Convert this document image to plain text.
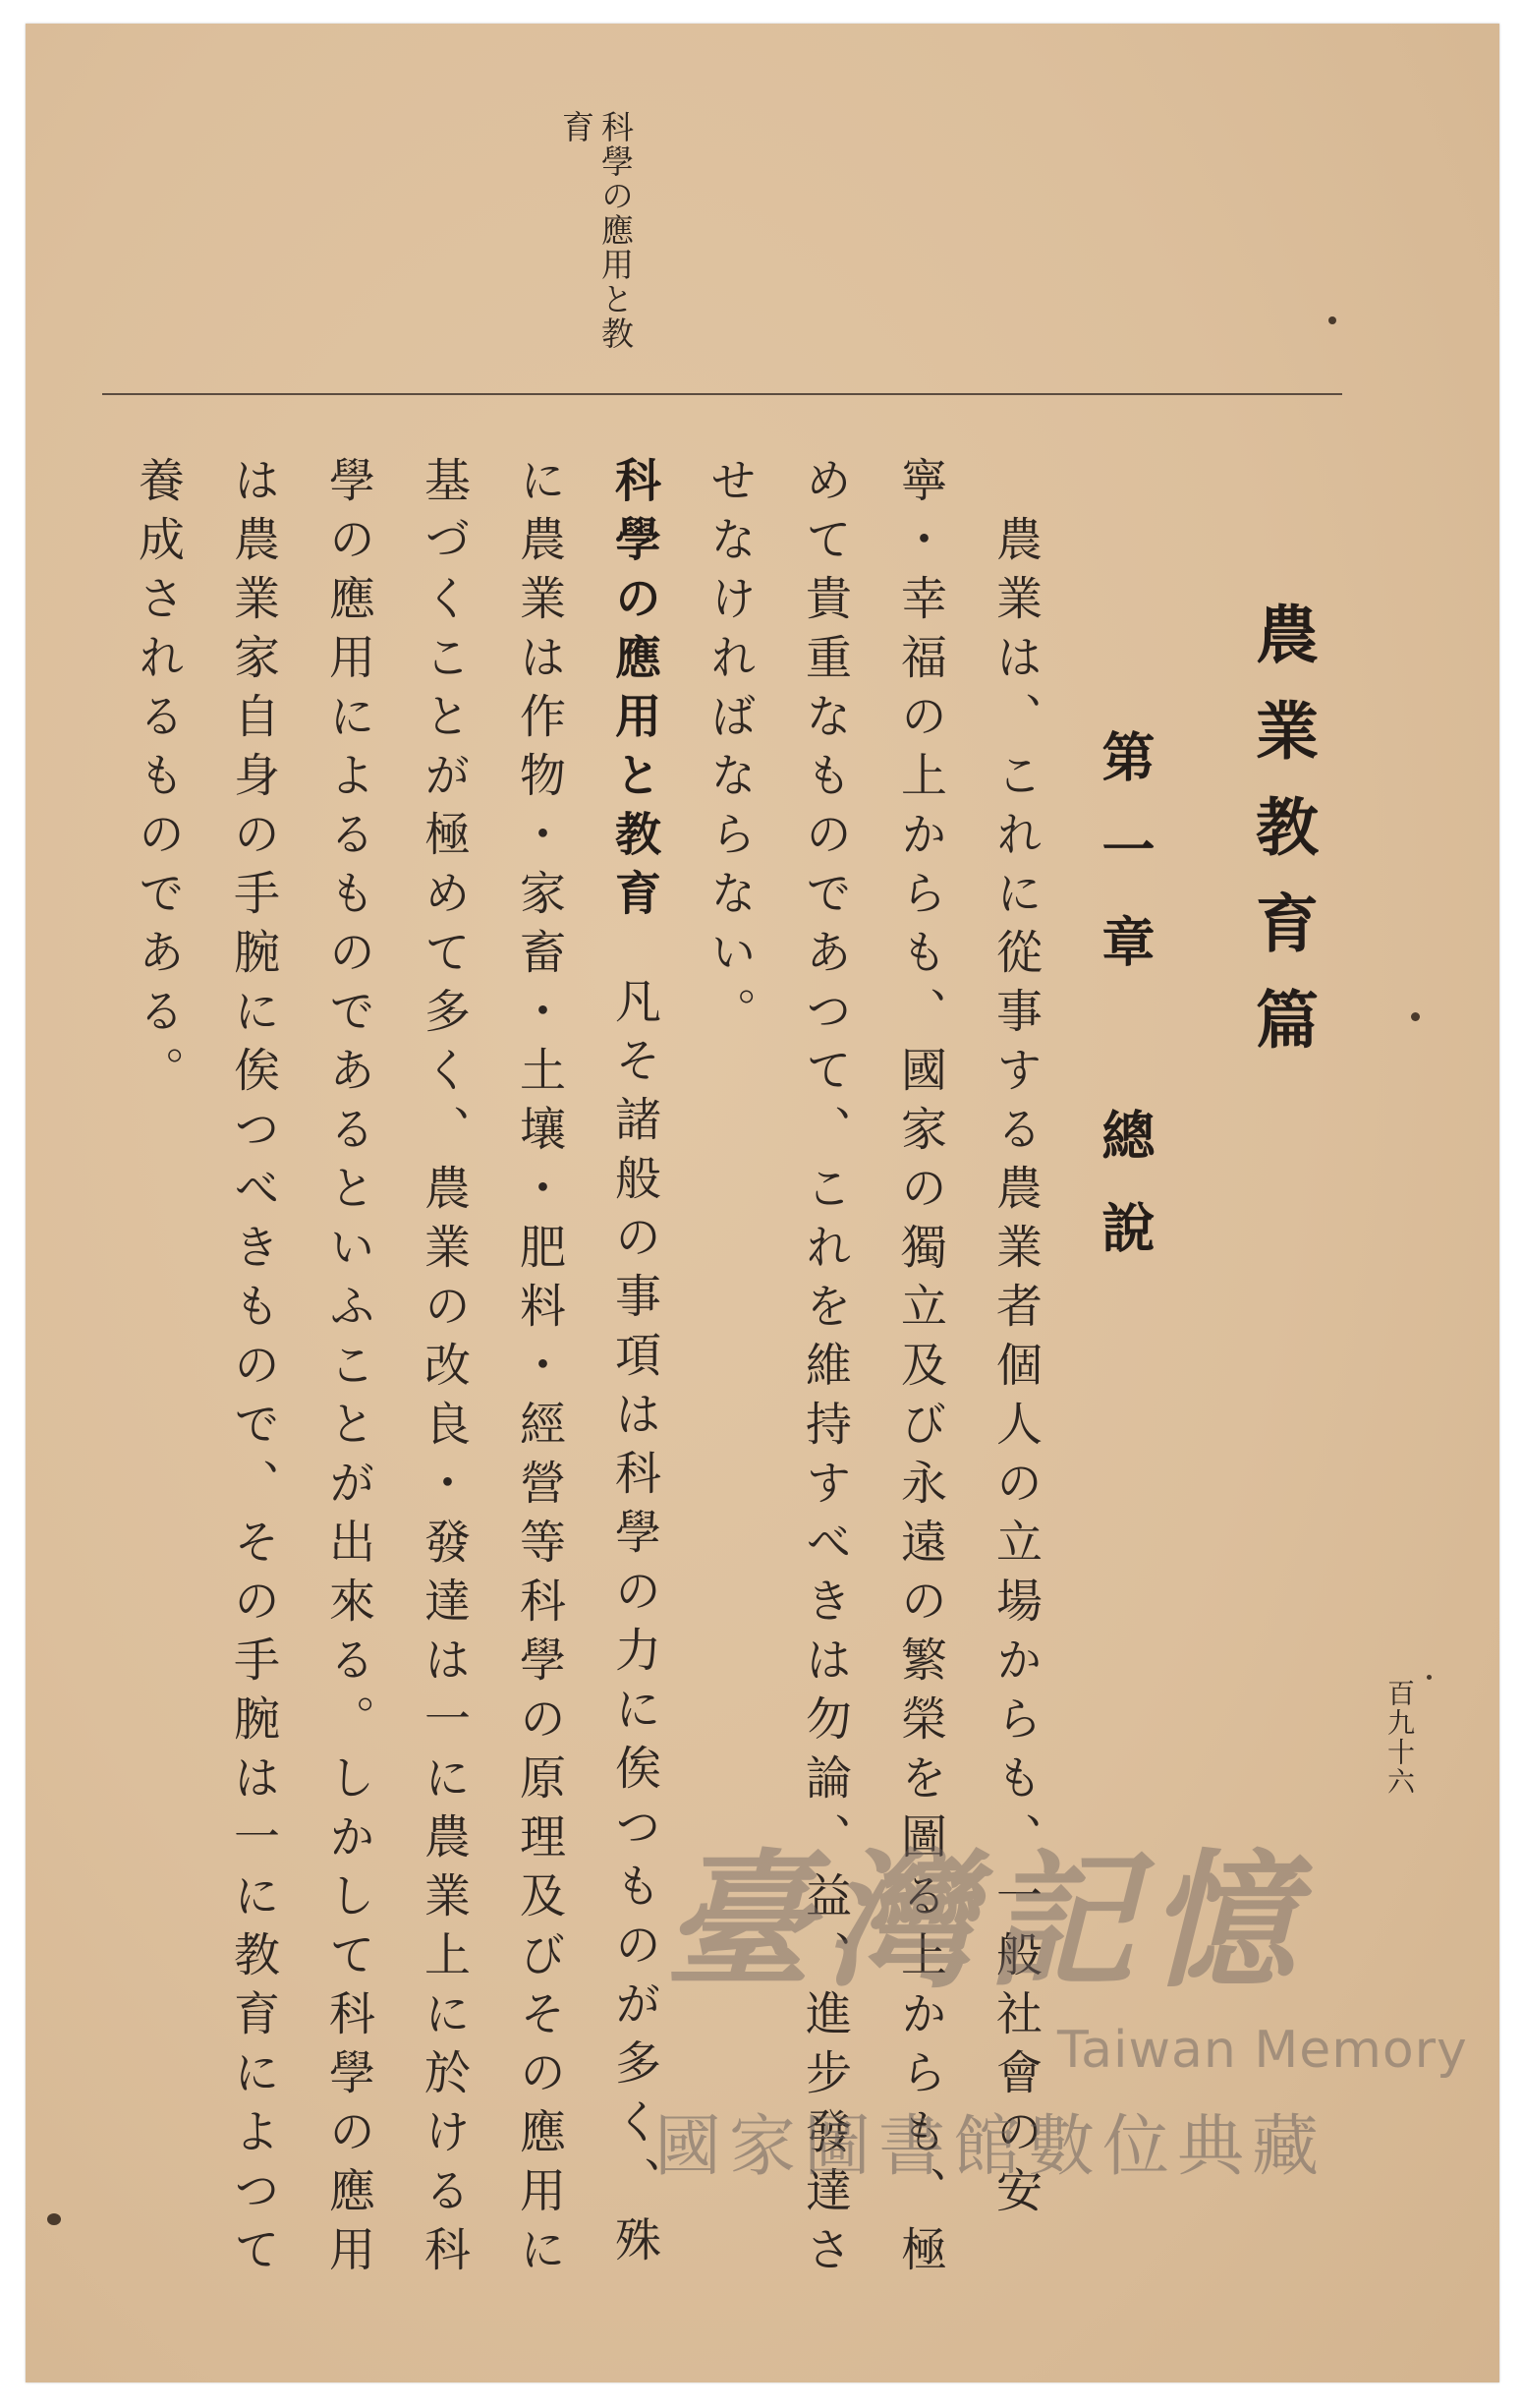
科學の應用と教育
農業教育篇
第一章 總說

農業は、これに從事する農業者個人の立場からも、一般社會の安寧・幸福の上からも、國家の獨立及び永遠の繁榮を圖る上からも、極めて貴重なものであつて、これを維持すべきは勿論、益、進步發達させなければならない。

科學の應用と教育凡そ諸般の事項は科學の力に俟つものが多く、殊に農業は作物・家畜・土壤・肥料・經營等科學の原理及びその應用に基づくことが極めて多く、農業の改良・發達は一に農業上に於ける科學の應用によるものであるといふことが出來る。しかして科學の應用は農業家自身の手腕に俟つべきもので、その手腕は一に教育によつて養成されるものである。

百九十六
臺灣記憶
Taiwan Memory
國家圖書館數位典藏
